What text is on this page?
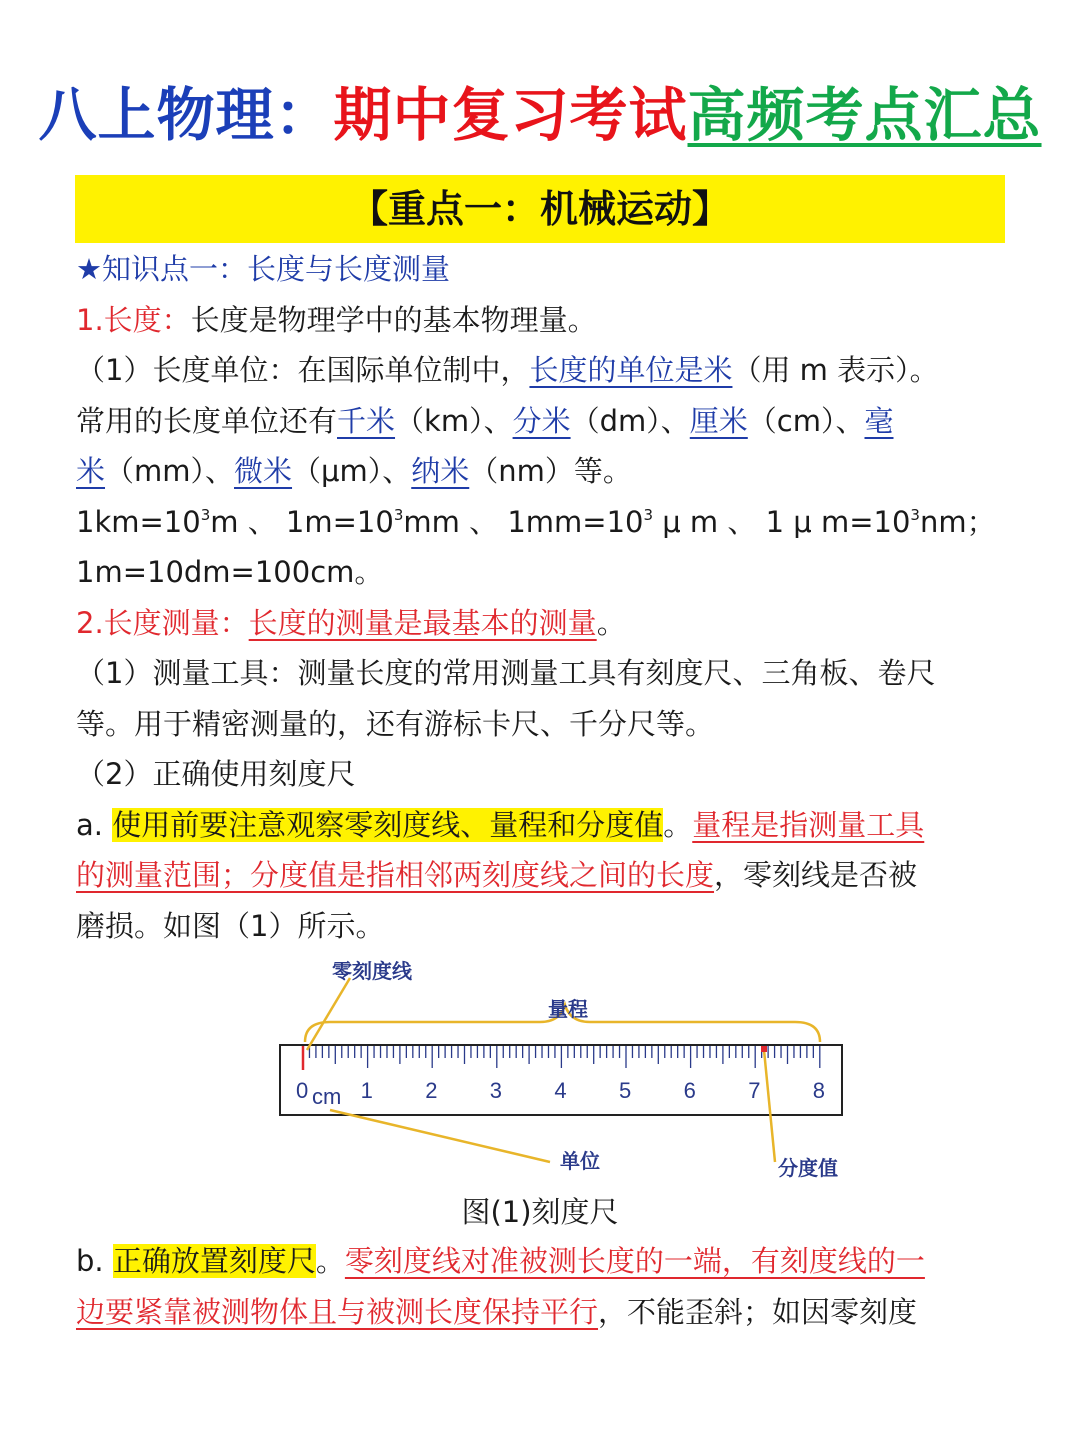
八上物理：期中复习考试高频考点汇总
【重点一：机械运动】
★知识点一：长度与长度测量
1.长度：长度是物理学中的基本物理量。
（1）长度单位：在国际单位制中，长度的单位是米（用 m 表示）。
常用的长度单位还有千米（km）、分米（dm）、厘米（cm）、毫
米（mm）、微米（μm）、纳米（nm）等。
$1km=10^3m$ 、 $1m=10^3mm$ 、 $1mm=10^3$ μ m 、 1 μ $m=10^3nm$；
1m=10dm=100cm。
2.长度测量：长度的测量是最基本的测量。
（1）测量工具：测量长度的常用测量工具有刻度尺、三角板、卷尺
等。用于精密测量的，还有游标卡尺、千分尺等。
（2）正确使用刻度尺
a. 使用前要注意观察零刻度线、量程和分度值。量程是指测量工具
的测量范围；分度值是指相邻两刻度线之间的长度，零刻线是否被
磨损。如图（1）所示。
量程
零刻度线
单位	分度值
0 1 2 3 4 5 6 7 8
cm
图(1)刻度尺
b. 正确放置刻度尺。零刻度线对准被测长度的一端，有刻度线的一
边要紧靠被测物体且与被测长度保持平行，不能歪斜；如因零刻度
